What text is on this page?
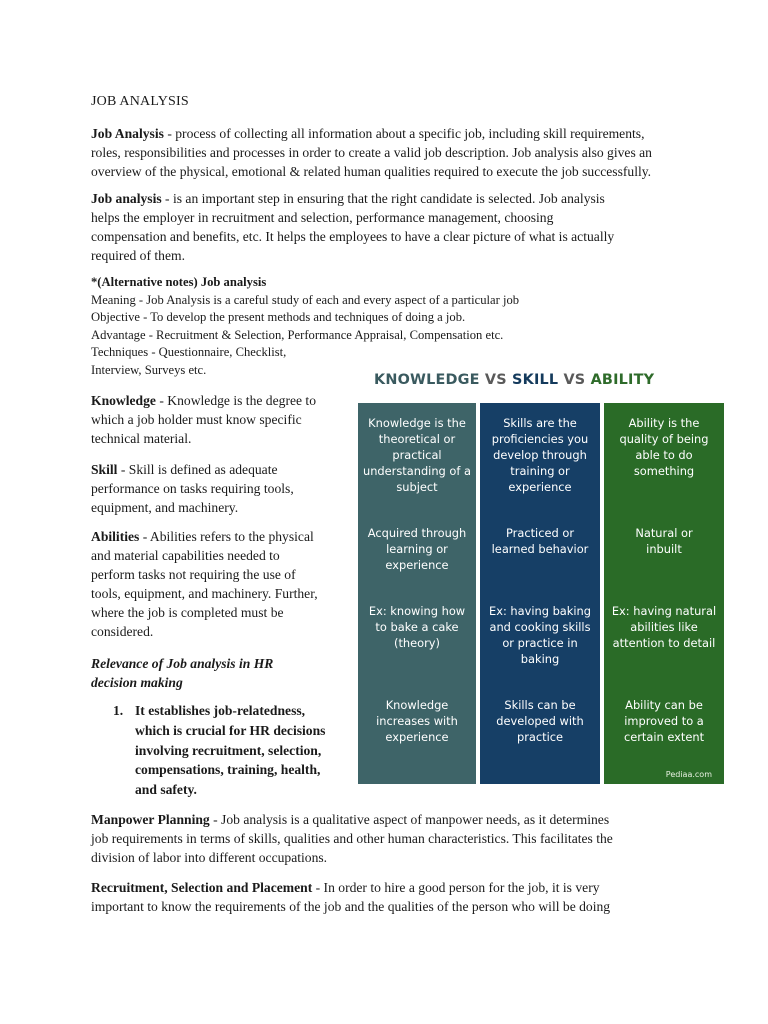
JOB ANALYSIS
Job Analysis - process of collecting all information about a specific job, including skill requirements,
roles, responsibilities and processes in order to create a valid job description. Job analysis also gives an
overview of the physical, emotional & related human qualities required to execute the job successfully.
Job analysis - is an important step in ensuring that the right candidate is selected. Job analysis
helps the employer in recruitment and selection, performance management, choosing
compensation and benefits, etc. It helps the employees to have a clear picture of what is actually
required of them.
*(Alternative notes) Job analysis
Meaning - Job Analysis is a careful study of each and every aspect of a particular job
Objective - To develop the present methods and techniques of doing a job.
Advantage - Recruitment & Selection, Performance Appraisal, Compensation etc.
Techniques - Questionnaire, Checklist,
Interview, Surveys etc.
Knowledge - Knowledge is the degree to
which a job holder must know specific
technical material.
Skill - Skill is defined as adequate
performance on tasks requiring tools,
equipment, and machinery.
Abilities - Abilities refers to the physical
and material capabilities needed to
perform tasks not requiring the use of
tools, equipment, and machinery. Further,
where the job is completed must be
considered.
Relevance of Job analysis in HR
decision making
1. It establishes job-relatedness,
which is crucial for HR decisions
involving recruitment, selection,
compensations, training, health,
and safety.
KNOWLEDGE VS SKILL VS ABILITY
Knowledge is the
theoretical or
practical
understanding of a
subject
Acquired through
learning or
experience
Ex: knowing how
to bake a cake
(theory)
Knowledge
increases with
experience
Skills are the
proficiencies you
develop through
training or
experience
Practiced or
learned behavior
Ex: having baking
and cooking skills
or practice in
baking
Skills can be
developed with
practice
Ability is the
quality of being
able to do
something
Natural or
inbuilt
Ex: having natural
abilities like
attention to detail
Ability can be
improved to a
certain extent
Pediaa.com
Manpower Planning - Job analysis is a qualitative aspect of manpower needs, as it determines
job requirements in terms of skills, qualities and other human characteristics. This facilitates the
division of labor into different occupations.
Recruitment, Selection and Placement - In order to hire a good person for the job, it is very
important to know the requirements of the job and the qualities of the person who will be doing
